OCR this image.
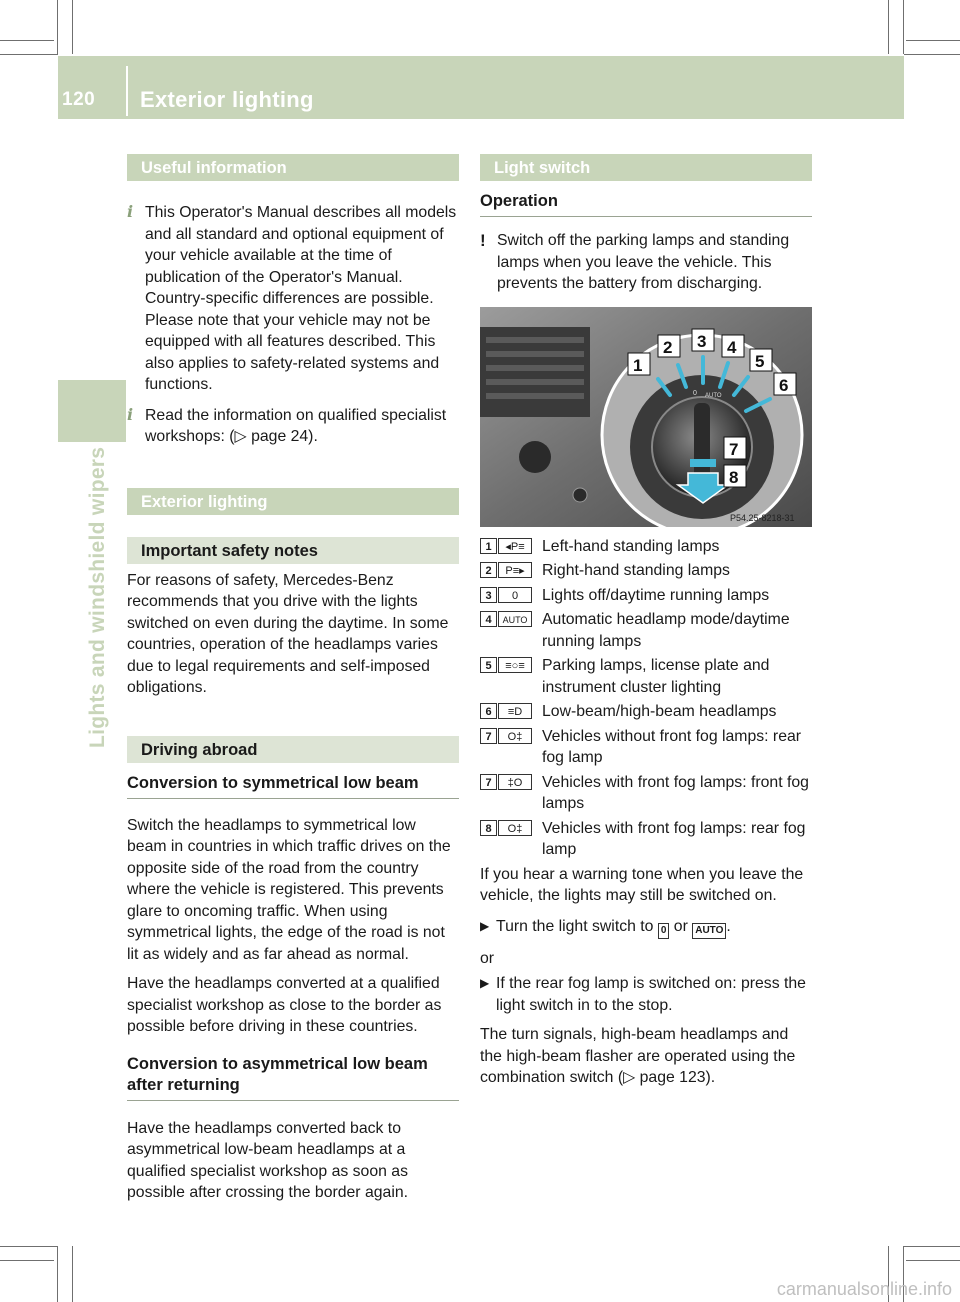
120 Exterior lighting
Lights and windshield wipers
Useful information

i This Operator's Manual describes all models and all standard and optional equipment of your vehicle available at the time of publication of the Operator's Manual. Country-specific differences are possible. Please note that your vehicle may not be equipped with all features described. This also applies to safety-related systems and functions.

i Read the information on qualified specialist workshops: (▷ page 24).

Exterior lighting
Important safety notes

For reasons of safety, Mercedes-Benz recommends that you drive with the lights switched on even during the daytime. In some countries, operation of the headlamps varies due to legal requirements and self-imposed obligations.

Driving abroad
Conversion to symmetrical low beam

Switch the headlamps to symmetrical low beam in countries in which traffic drives on the opposite side of the road from the country where the vehicle is registered. This prevents glare to oncoming traffic. When using symmetrical lights, the edge of the road is not lit as widely and as far ahead as normal.

Have the headlamps converted at a qualified specialist workshop as close to the border as possible before driving in these countries.

Conversion to asymmetrical low beam after returning

Have the headlamps converted back to asymmetrical low-beam headlamps at a qualified specialist workshop as soon as possible after crossing the border again.

Light switch
Operation

! Switch off the parking lamps and standing lamps when you leave the vehicle. This prevents the battery from discharging.

0 AUTO
1
2 3 4
5
6
7
8
P54.25-8218-31
1	◂P≡	Left-hand standing lamps
2	P≡▸	Right-hand standing lamps
3	0	Lights off/daytime running lamps
4	AUTO Automatic headlamp mode/daytime running lamps
5	≡○≡	Parking lamps, license plate and instrument cluster lighting
6	≡D	Low-beam/high-beam headlamps
7	O‡	Vehicles without front fog lamps: rear fog lamp
7	‡O	Vehicles with front fog lamps: front fog lamps
8	O‡	Vehicles with front fog lamps: rear fog lamp

If you hear a warning tone when you leave the vehicle, the lights may still be switched on.

▶ Turn the light switch to 0 or AUTO .

or

▶ If the rear fog lamp is switched on: press the light switch in to the stop.

The turn signals, high-beam headlamps and the high-beam flasher are operated using the combination switch (▷ page 123).

carmanualsonline.info
